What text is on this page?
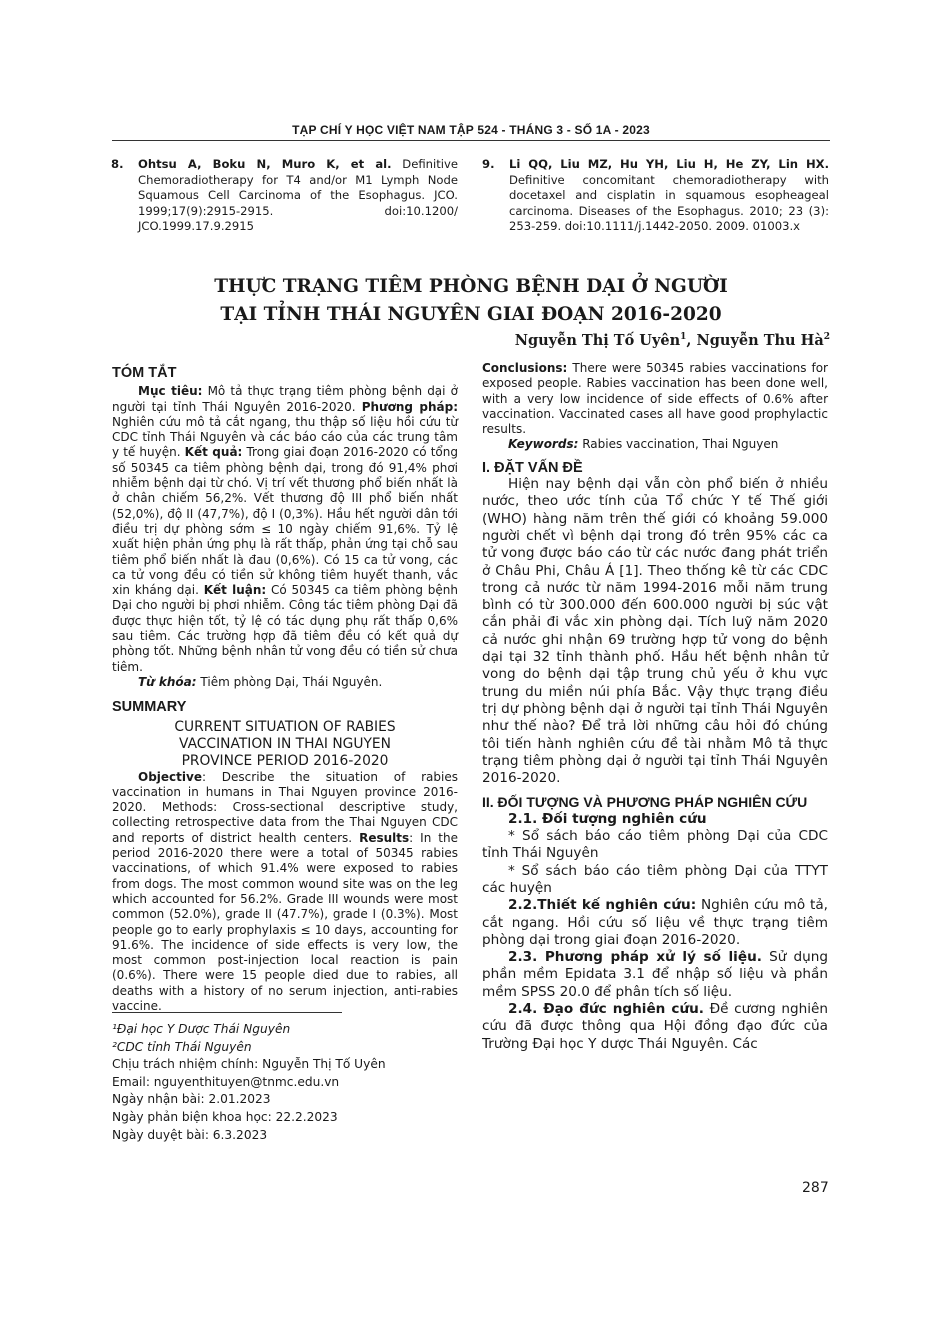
TẠP CHÍ Y HỌC VIỆT NAM TẬP 524 - THÁNG 3 - SỐ 1A - 2023
8. Ohtsu A, Boku N, Muro K, et al. Definitive Chemoradiotherapy for T4 and/or M1 Lymph Node Squamous Cell Carcinoma of the Esophagus. JCO. 1999;17(9):2915-2915. doi:10.1200/ JCO.1999.17.9.2915
9. Li QQ, Liu MZ, Hu YH, Liu H, He ZY, Lin HX. Definitive concomitant chemoradiotherapy with docetaxel and cisplatin in squamous esopheageal carcinoma. Diseases of the Esophagus. 2010; 23 (3): 253-259. doi:10.1111/j.1442-2050. 2009. 01003.x
THỰC TRẠNG TIÊM PHÒNG BỆNH DẠI Ở NGƯỜI
TẠI TỈNH THÁI NGUYÊN GIAI ĐOẠN 2016-2020
Nguyễn Thị Tố Uyên$^1$, Nguyễn Thu $Hà^2$

TÓM TẮT

Mục tiêu: Mô tả thực trạng tiêm phòng bệnh dại ở người tại tỉnh Thái Nguyên 2016-2020. Phương pháp: Nghiên cứu mô tả cắt ngang, thu thập số liệu hồi cứu từ CDC tỉnh Thái Nguyên và các báo cáo của các trung tâm y tế huyện. Kết quả: Trong giai đoạn 2016-2020 có tổng số 50345 ca tiêm phòng bệnh dại, trong đó 91,4% phơi nhiễm bệnh dại từ chó. Vị trí vết thương phổ biến nhất là ở chân chiếm 56,2%. Vết thương độ III phổ biến nhất (52,0%), độ II (47,7%), độ I (0,3%). Hầu hết người dân tới điều trị dự phòng sớm ≤ 10 ngày chiếm 91,6%. Tỷ lệ xuất hiện phản ứng phụ là rất thấp, phản ứng tại chỗ sau tiêm phổ biến nhất là đau (0,6%). Có 15 ca tử vong, các ca tử vong đều có tiền sử không tiêm huyết thanh, vắc xin kháng dại. Kết luận: Có 50345 ca tiêm phòng bệnh Dại cho người bị phơi nhiễm. Công tác tiêm phòng Dại đã được thực hiện tốt, tỷ lệ có tác dụng phụ rất thấp 0,6% sau tiêm. Các trường hợp đã tiêm đều có kết quả dự phòng tốt. Những bệnh nhân tử vong đều có tiền sử chưa tiêm.

Từ khóa: Tiêm phòng Dại, Thái Nguyên.

SUMMARY

CURRENT SITUATION OF RABIES

VACCINATION IN THAI NGUYEN

PROVINCE PERIOD 2016-2020

Objective: Describe the situation of rabies vaccination in humans in Thai Nguyen province 2016-2020. Methods: Cross-sectional descriptive study, collecting retrospective data from the Thai Nguyen CDC and reports of district health centers. Results: In the period 2016-2020 there were a total of 50345 rabies vaccinations, of which 91.4% were exposed to rabies from dogs. The most common wound site was on the leg which accounted for 56.2%. Grade III wounds were most common (52.0%), grade II (47.7%), grade I (0.3%). Most people go to early prophylaxis ≤ 10 days, accounting for 91.6%. The incidence of side effects is very low, the most common post-injection local reaction is pain (0.6%). There were 15 people died due to rabies, all deaths with a history of no serum injection, anti-rabies vaccine.

¹Đại học Y Dược Thái Nguyên
²CDC tỉnh Thái Nguyên
Chịu trách nhiệm chính: Nguyễn Thị Tố Uyên
Email: nguyenthituyen@tnmc.edu.vn
Ngày nhận bài: 2.01.2023
Ngày phản biện khoa học: 22.2.2023
Ngày duyệt bài: 6.3.2023

Conclusions: There were 50345 rabies vaccinations for exposed people. Rabies vaccination has been done well, with a very low incidence of side effects of 0.6% after vaccination. Vaccinated cases all have good prophylactic results.

Keywords: Rabies vaccination, Thai Nguyen

I. ĐẶT VẤN ĐỀ

Hiện nay bệnh dại vẫn còn phổ biến ở nhiều nước, theo ước tính của Tổ chức Y tế Thế giới (WHO) hàng năm trên thế giới có khoảng 59.000 người chết vì bệnh dại trong đó trên 95% các ca tử vong được báo cáo từ các nước đang phát triển ở Châu Phi, Châu Á [1]. Theo thống kê từ các CDC trong cả nước từ năm 1994-2016 mỗi năm trung bình có từ 300.000 đến 600.000 người bị súc vật cắn phải đi vắc xin phòng dại. Tích luỹ năm 2020 cả nước ghi nhận 69 trường hợp tử vong do bệnh dại tại 32 tỉnh thành phố. Hầu hết bệnh nhân tử vong do bệnh dại tập trung chủ yếu ở khu vực trung du miền núi phía Bắc. Vậy thực trạng điều trị dự phòng bệnh dại ở người tại tỉnh Thái Nguyên như thế nào? Để trả lời những câu hỏi đó chúng tôi tiến hành nghiên cứu đề tài nhằm Mô tả thực trạng tiêm phòng dại ở người tại tỉnh Thái Nguyên 2016-2020.

II. ĐỐI TƯỢNG VÀ PHƯƠNG PHÁP NGHIÊN CỨU

2.1. Đối tượng nghiên cứu

* Sổ sách báo cáo tiêm phòng Dại của CDC tỉnh Thái Nguyên

* Sổ sách báo cáo tiêm phòng Dại của TTYT các huyện

2.2.Thiết kế nghiên cứu: Nghiên cứu mô tả, cắt ngang. Hồi cứu số liệu về thực trạng tiêm phòng dại trong giai đoạn 2016-2020.

2.3. Phương pháp xử lý số liệu. Sử dụng phần mềm Epidata 3.1 để nhập số liệu và phần mềm SPSS 20.0 để phân tích số liệu.

2.4. Đạo đức nghiên cứu. Đề cương nghiên cứu đã được thông qua Hội đồng đạo đức của Trường Đại học Y dược Thái Nguyên. Các

287
